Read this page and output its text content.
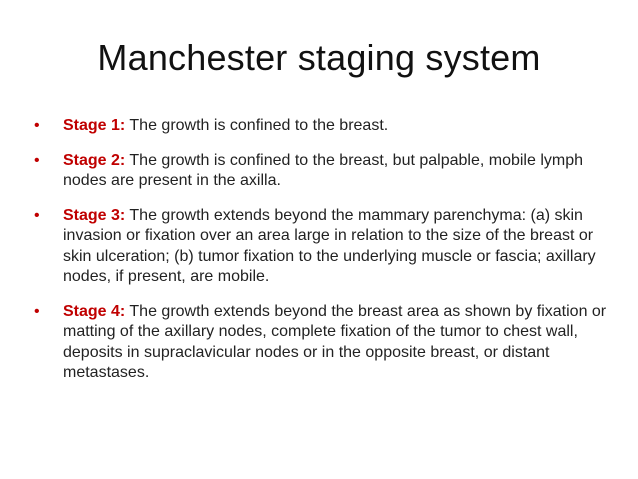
Manchester staging system
•	Stage 1: The growth is confined to the breast.
•	Stage 2: The growth is confined to the breast, but palpable, mobile lymph nodes are present in the axilla.
•	Stage 3: The growth extends beyond the mammary parenchyma: (a) skin invasion or fixation over an area large in relation to the size of the breast or skin ulceration; (b) tumor fixation to the underlying muscle or fascia; axillary nodes, if present, are mobile.
•	Stage 4: The growth extends beyond the breast area as shown by fixation or matting of the axillary nodes, complete fixation of the tumor to chest wall, deposits in supraclavicular nodes or in the opposite breast, or distant metastases.
